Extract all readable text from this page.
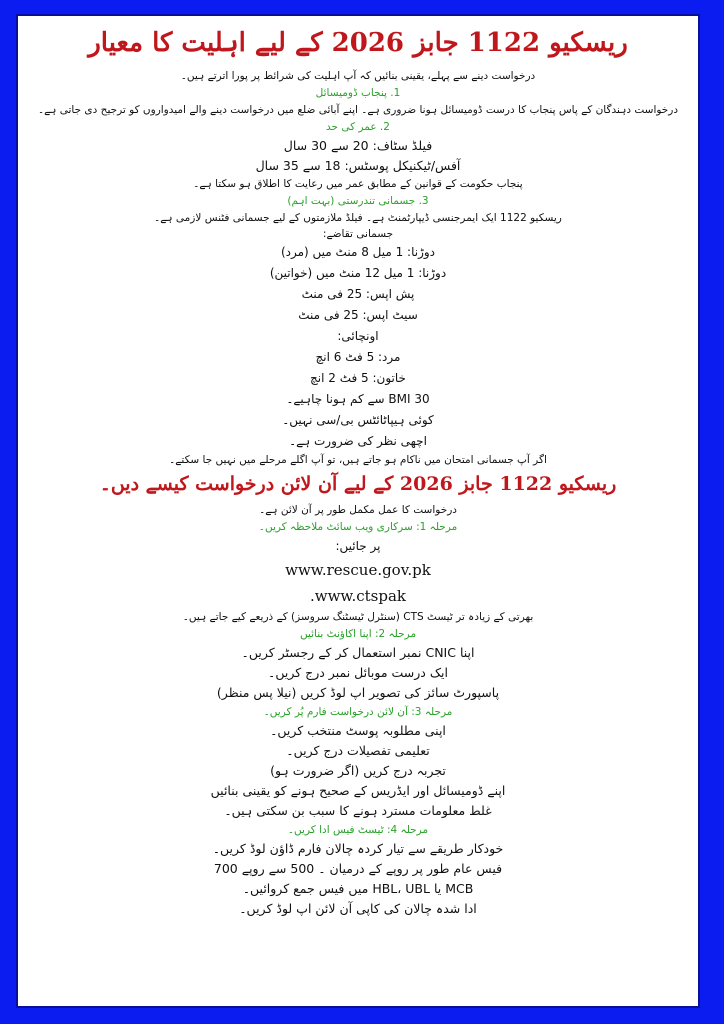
ریسکیو 1122 جابز 2026 کے لیے اہلیت کا معیار

درخواست دینے سے پہلے، یقینی بنائیں کہ آپ اہلیت کی شرائط پر پورا اترتے ہیں۔

1. پنجاب ڈومیسائل

درخواست دہندگان کے پاس پنجاب کا درست ڈومیسائل ہونا ضروری ہے۔ اپنے آبائی ضلع میں درخواست دینے والے امیدواروں کو ترجیح دی جاتی ہے۔

2. عمر کی حد

فیلڈ سٹاف: 20 سے 30 سال

آفس/ٹیکنیکل پوسٹس: 18 سے 35 سال

پنجاب حکومت کے قوانین کے مطابق عمر میں رعایت کا اطلاق ہو سکتا ہے۔

3. جسمانی تندرستی (بہت اہم)

ریسکیو 1122 ایک ایمرجنسی ڈیپارٹمنٹ ہے۔ فیلڈ ملازمتوں کے لیے جسمانی فٹنس لازمی ہے۔

جسمانی تقاضے:

دوڑنا: 1 میل 8 منٹ میں (مرد)

دوڑنا: 1 میل 12 منٹ میں (خواتین)

پش اپس: 25 فی منٹ

سیٹ اپس: 25 فی منٹ

اونچائی:

مرد: 5 فٹ 6 انچ

خاتون: 5 فٹ 2 انچ

BMI 30 سے کم ہونا چاہیے۔

کوئی ہیپاٹائٹس بی/سی نہیں۔

اچھی نظر کی ضرورت ہے۔

اگر آپ جسمانی امتحان میں ناکام ہو جاتے ہیں، تو آپ اگلے مرحلے میں نہیں جا سکتے۔

ریسکیو 1122 جابز 2026 کے لیے آن لائن درخواست کیسے دیں۔

درخواست کا عمل مکمل طور پر آن لائن ہے۔

مرحلہ 1: سرکاری ویب سائٹ ملاحظہ کریں۔

پر جائیں:

www.rescue.gov.pk

.www.ctspak

بھرتی کے زیادہ تر ٹیسٹ CTS (سنٹرل ٹیسٹنگ سروسز) کے ذریعے کیے جاتے ہیں۔

مرحلہ 2: اپنا اکاؤنٹ بنائیں

اپنا CNIC نمبر استعمال کر کے رجسٹر کریں۔

ایک درست موبائل نمبر درج کریں۔

پاسپورٹ سائز کی تصویر اپ لوڈ کریں (نیلا پس منظر)

مرحلہ 3: آن لائن درخواست فارم پُر کریں۔

اپنی مطلوبہ پوسٹ منتخب کریں۔

تعلیمی تفصیلات درج کریں۔

تجربہ درج کریں (اگر ضرورت ہو)

اپنے ڈومیسائل اور ایڈریس کے صحیح ہونے کو یقینی بنائیں

غلط معلومات مسترد ہونے کا سبب بن سکتی ہیں۔

مرحلہ 4: ٹیسٹ فیس ادا کریں۔

خودکار طریقے سے تیار کردہ چالان فارم ڈاؤن لوڈ کریں۔

فیس عام طور پر روپے کے درمیان ۔ 500 سے روپے 700

MCB یا HBL، UBL میں فیس جمع کروائیں۔

ادا شدہ چالان کی کاپی آن لائن اپ لوڈ کریں۔
